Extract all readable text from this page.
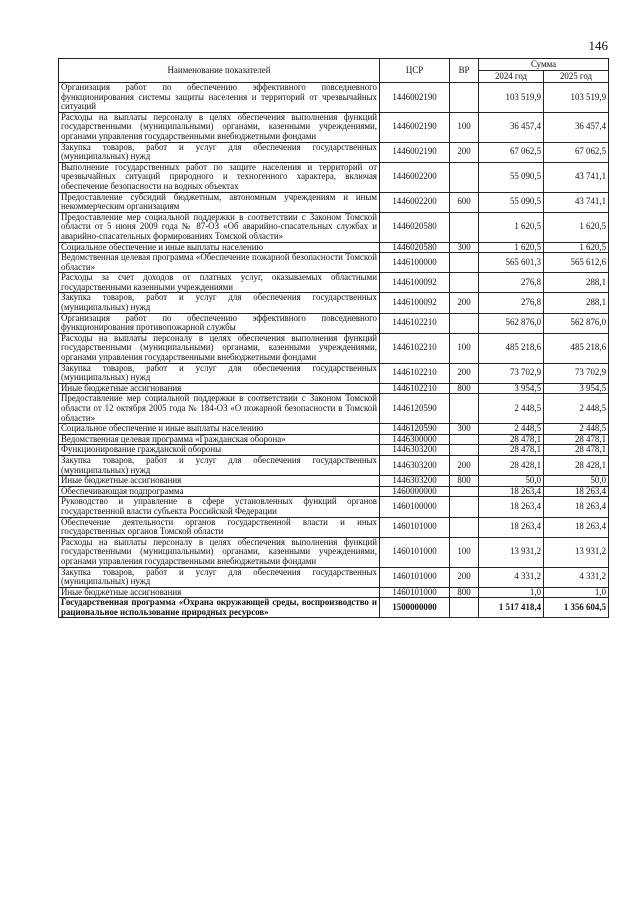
146
Наименование показателей	ЦСР	ВР	Сумма	
			2024 год	2025 год
Организация работ по обеспечению эффективного повседневного функционирования системы защиты населения и территорий от чрезвычайных ситуаций	1446002190		103 519,9	103 519,9
Расходы на выплаты персоналу в целях обеспечения выполнения функций государственными (муниципальными) органами, казенными учреждениями, органами управления государственными внебюджетными фондами	1446002190	100	36 457,4	36 457,4
Закупка товаров, работ и услуг для обеспечения государственных (муниципальных) нужд	1446002190	200	67 062,5	67 062,5
Выполнение государственных работ по защите населения и территорий от чрезвычайных ситуаций природного и техногенного характера, включая обеспечение безопасности на водных объектах	1446002200		55 090,5	43 741,1
Предоставление субсидий бюджетным, автономным учреждениям и иным некоммерческим организациям	1446002200	600	55 090,5	43 741,1
Предоставление мер социальной поддержки в соответствии с Законом Томской области от 5 июня 2009 года № 87-ОЗ «Об аварийно-спасательных службах и аварийно-спасательных формированиях Томской области»	1446020580		1 620,5	1 620,5
Социальное обеспечение и иные выплаты населению	1446020580	300	1 620,5	1 620,5
Ведомственная целевая программа «Обеспечение пожарной безопасности Томской области»	1446100000		565 601,3	565 612,6
Расходы за счет доходов от платных услуг, оказываемых областными государственными казенными учреждениями	1446100092		276,8	288,1
Закупка товаров, работ и услуг для обеспечения государственных (муниципальных) нужд	1446100092	200	276,8	288,1
Организация работ по обеспечению эффективного повседневного функционирования противопожарной службы	1446102210		562 876,0	562 876,0
Расходы на выплаты персоналу в целях обеспечения выполнения функций государственными (муниципальными) органами, казенными учреждениями, органами управления государственными внебюджетными фондами	1446102210	100	485 218,6	485 218,6
Закупка товаров, работ и услуг для обеспечения государственных (муниципальных) нужд	1446102210	200	73 702,9	73 702,9
Иные бюджетные ассигнования	1446102210	800	3 954,5	3 954,5
Предоставление мер социальной поддержки в соответствии с Законом Томской области от 12 октября 2005 года № 184-ОЗ «О пожарной безопасности в Томской области»	1446120590		2 448,5	2 448,5
Социальное обеспечение и иные выплаты населению	1446120590	300	2 448,5	2 448,5
Ведомственная целевая программа «Гражданская оборона»	1446300000		28 478,1	28 478,1
Функционирование гражданской обороны	1446303200		28 478,1	28 478,1
Закупка товаров, работ и услуг для обеспечения государственных (муниципальных) нужд	1446303200	200	28 428,1	28 428,1
Иные бюджетные ассигнования	1446303200	800	50,0	50,0
Обеспечивающая подпрограмма	1460000000		18 263,4	18 263,4
Руководство и управление в сфере установленных функций органов государственной власти субъекта Российской Федерации	1460100000		18 263,4	18 263,4
Обеспечение деятельности органов государственной власти и иных государственных органов Томской области	1460101000		18 263,4	18 263,4
Расходы на выплаты персоналу в целях обеспечения выполнения функций государственными (муниципальными) органами, казенными учреждениями, органами управления государственными внебюджетными фондами	1460101000	100	13 931,2	13 931,2
Закупка товаров, работ и услуг для обеспечения государственных (муниципальных) нужд	1460101000	200	4 331,2	4 331,2
Иные бюджетные ассигнования	1460101000	800	1,0	1,0
Государственная программа «Охрана окружающей среды, воспроизводство и рациональное использование природных ресурсов»	1500000000		1 517 418,4	1 356 604,5
